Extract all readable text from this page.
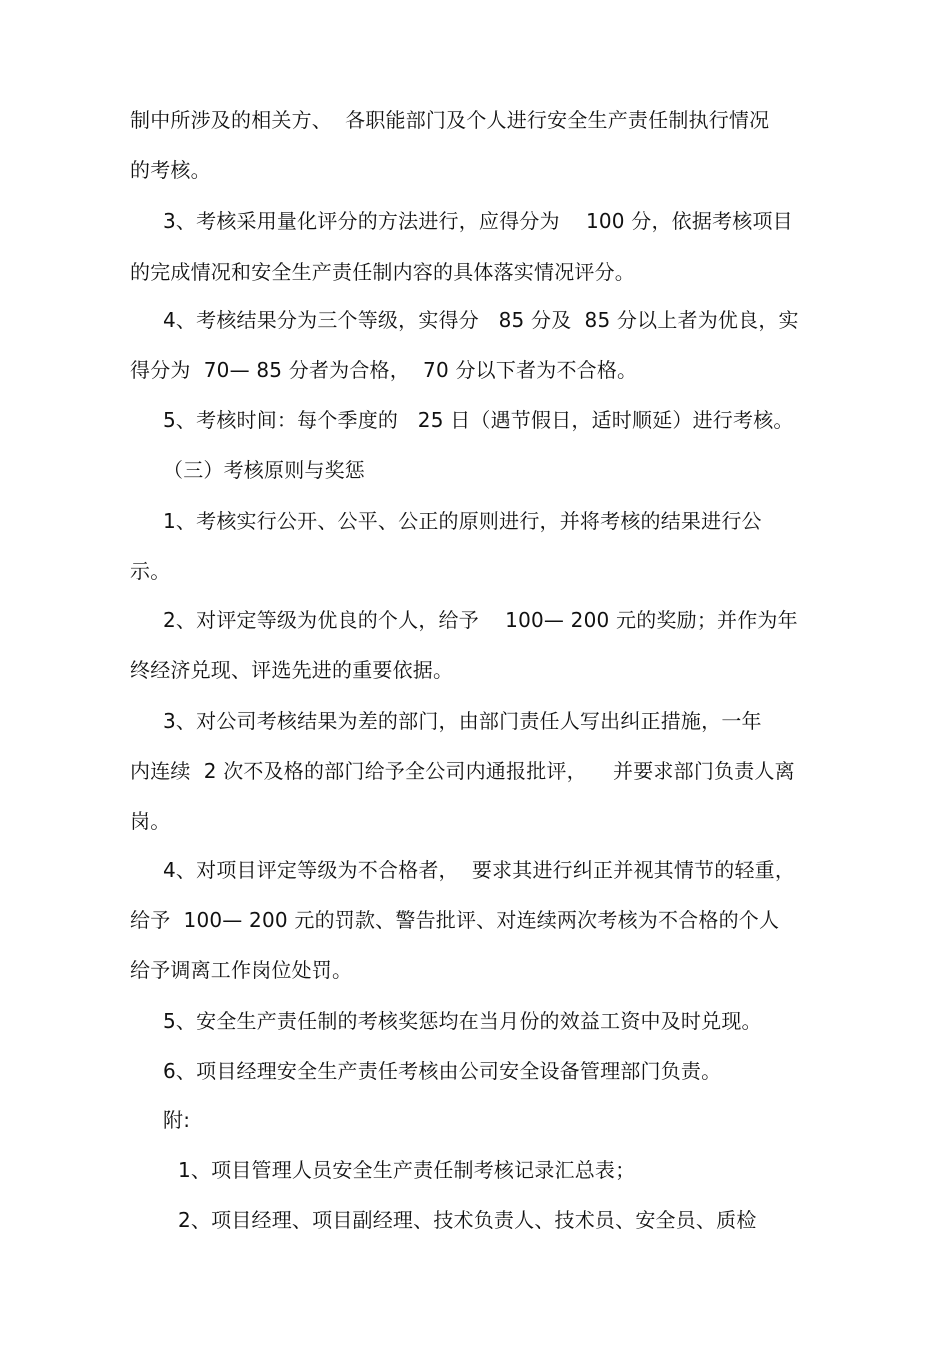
制中所涉及的相关方、  各职能部门及个人进行安全生产责任制执行情况
的考核。
3、考核采用量化评分的方法进行，应得分为    100 分，依据考核项目
的完成情况和安全生产责任制内容的具体落实情况评分。
4、考核结果分为三个等级，实得分   85 分及  85 分以上者为优良，实
得分为  70— 85 分者为合格，  70 分以下者为不合格。
5、考核时间：每个季度的   25 日（遇节假日，适时顺延）进行考核。
（三）考核原则与奖惩
1、考核实行公开、公平、公正的原则进行，并将考核的结果进行公
示。
2、对评定等级为优良的个人，给予    100— 200 元的奖励；并作为年
终经济兑现、评选先进的重要依据。
3、对公司考核结果为差的部门，由部门责任人写出纠正措施，一年
内连续  2 次不及格的部门给予全公司内通报批评，    并要求部门负责人离
岗。
4、对项目评定等级为不合格者，  要求其进行纠正并视其情节的轻重，
给予  100— 200 元的罚款、警告批评、对连续两次考核为不合格的个人
给予调离工作岗位处罚。
5、安全生产责任制的考核奖惩均在当月份的效益工资中及时兑现。
6、项目经理安全生产责任考核由公司安全设备管理部门负责。
附:
1、项目管理人员安全生产责任制考核记录汇总表；
2、项目经理、项目副经理、技术负责人、技术员、安全员、质检
